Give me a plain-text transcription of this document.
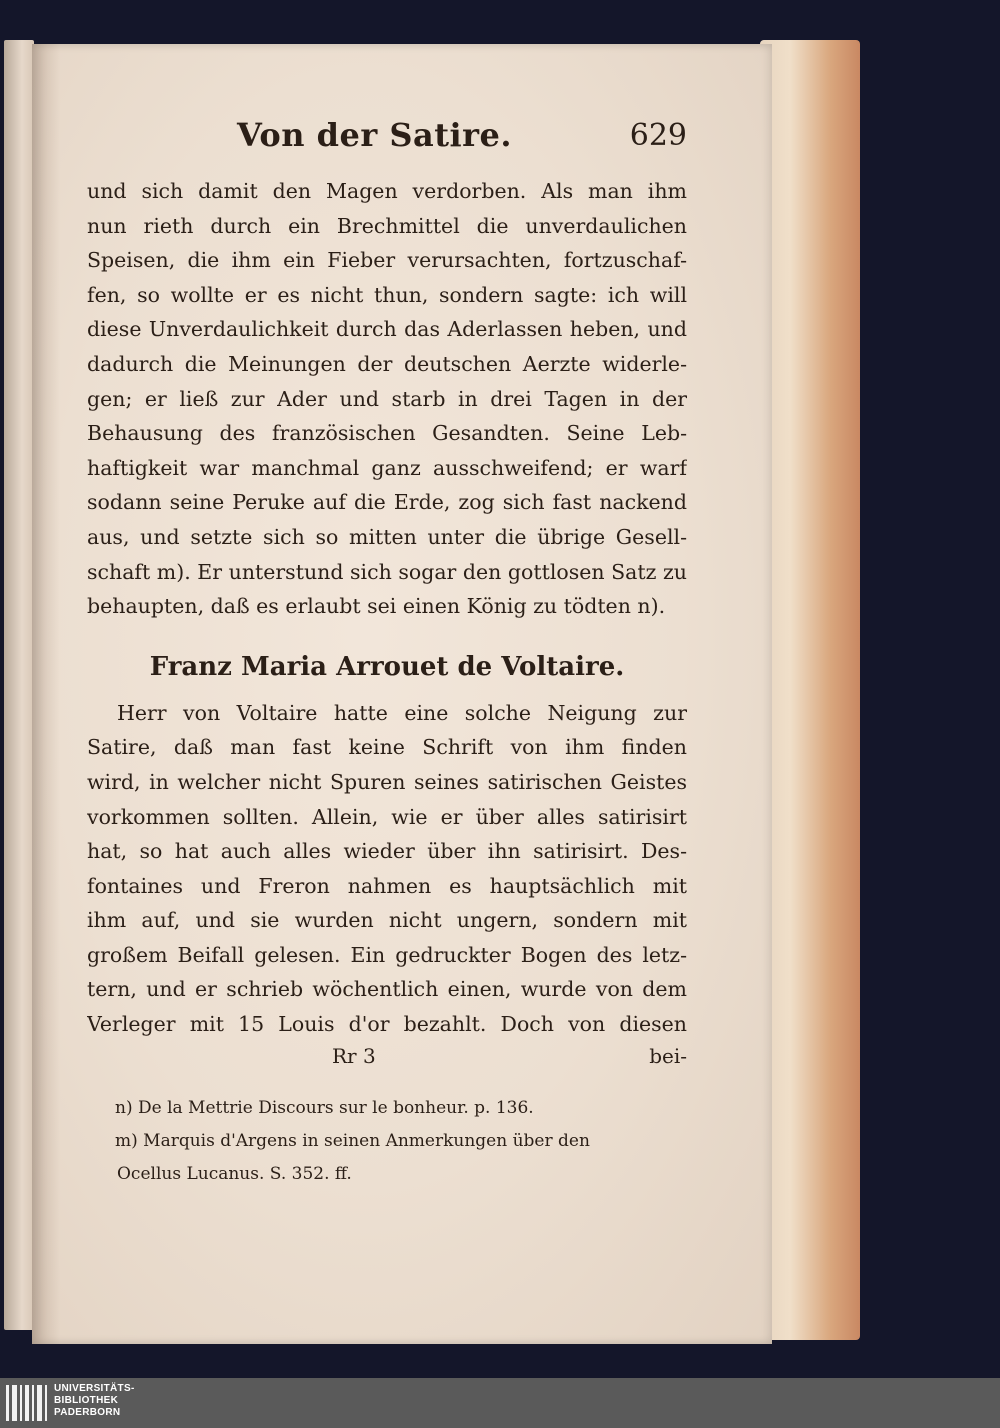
Von der Satire.	629
und sich damit den Magen verdorben. Als man ihm
nun rieth durch ein Brechmittel die unverdaulichen
Speisen, die ihm ein Fieber verursachten, fortzuschaf-
fen, so wollte er es nicht thun, sondern sagte: ich will
diese Unverdaulichkeit durch das Aderlassen heben, und
dadurch die Meinungen der deutschen Aerzte widerle-
gen; er ließ zur Ader und starb in drei Tagen in der
Behausung des französischen Gesandten. Seine Leb-
haftigkeit war manchmal ganz ausschweifend; er warf
sodann seine Peruke auf die Erde, zog sich fast nackend
aus, und setzte sich so mitten unter die übrige Gesell-
schaft m). Er unterstund sich sogar den gottlosen Satz zu
behaupten, daß es erlaubt sei einen König zu tödten n).
Franz Maria Arrouet de Voltaire.
Herr von Voltaire hatte eine solche Neigung zur
Satire, daß man fast keine Schrift von ihm finden
wird, in welcher nicht Spuren seines satirischen Geistes
vorkommen sollten. Allein, wie er über alles satirisirt
hat, so hat auch alles wieder über ihn satirisirt. Des-
fontaines und Freron nahmen es hauptsächlich mit
ihm auf, und sie wurden nicht ungern, sondern mit
großem Beifall gelesen. Ein gedruckter Bogen des letz-
tern, und er schrieb wöchentlich einen, wurde von dem
Verleger mit 15 Louis d'or bezahlt. Doch von diesen
Rr 3	bei-
n) De la Mettrie Discours sur le bonheur. p. 136.
m) Marquis d'Argens in seinen Anmerkungen über den
Ocellus Lucanus. S. 352. ff.
UNIVERSITÄTS-
BIBLIOTHEK
PADERBORN
